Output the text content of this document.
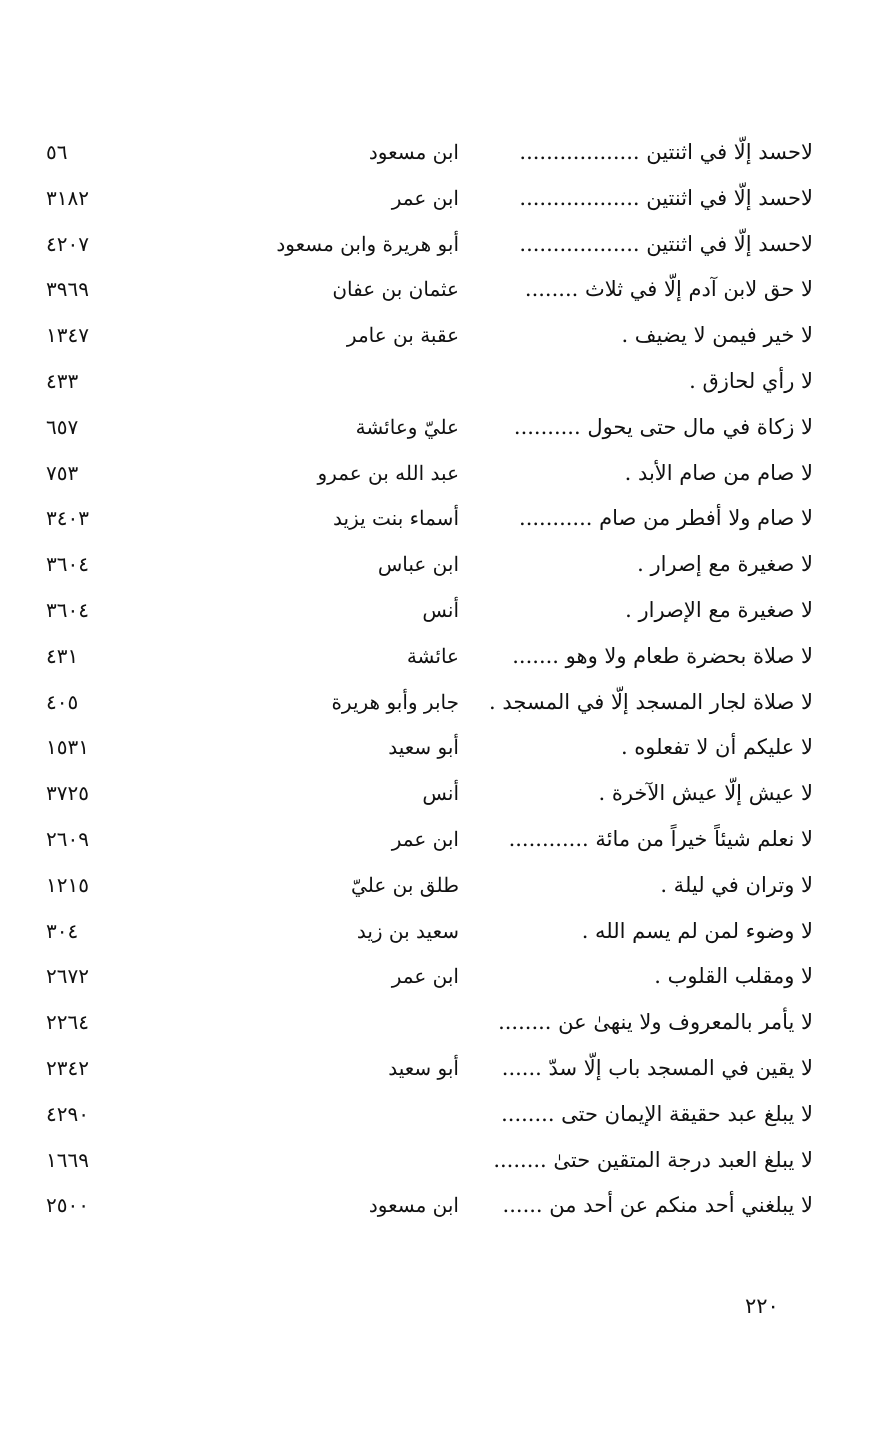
لاحسد إلَّا في اثنتين ..................
ابن مسعود
٥٦
لاحسد إلَّا في اثنتين ..................
ابن عمر
٣١٨٢
لاحسد إلَّا في اثنتين ..................
أبو هريرة وابن مسعود
٤٢٠٧
لا حق لابن آدم إلَّا في ثلاث ........
عثمان بن عفان
٣٩٦٩
لا خير فيمن لا يضيف .
عقبة بن عامر
١٣٤٧
لا رأي لحازق .
٤٣٣
لا زكاة في مال حتى يحول ..........
عليّ وعائشة
٦٥٧
لا صام من صام الأبد .
عبد الله بن عمرو
٧٥٣
لا صام ولا أفطر من صام ...........
أسماء بنت يزيد
٣٤٠٣
لا صغيرة مع إصرار .
ابن عباس
٣٦٠٤
لا صغيرة مع الإصرار .
أنس
٣٦٠٤
لا صلاة بحضرة طعام ولا وهو .......
عائشة
٤٣١
لا صلاة لجار المسجد إلَّا في المسجد .
جابر وأبو هريرة
٤٠٥
لا عليكم أن لا تفعلوه .
أبو سعيد
١٥٣١
لا عيش إلَّا عيش الآخرة .
أنس
٣٧٢٥
لا نعلم شيئاً خيراً من مائة ............
ابن عمر
٢٦٠٩
لا وتران في ليلة .
طلق بن عليّ
١٢١٥
لا وضوء لمن لم يسم الله .
سعيد بن زيد
٣٠٤
لا ومقلب القلوب .
ابن عمر
٢٦٧٢
لا يأمر بالمعروف ولا ينهىٰ عن ........
٢٢٦٤
لا يقين في المسجد باب إلَّا سدّ ......
أبو سعيد
٢٣٤٢
لا يبلغ عبد حقيقة الإيمان حتى ........
٤٢٩٠
لا يبلغ العبد درجة المتقين حتىٰ ........
١٦٦٩
لا يبلغني أحد منكم عن أحد من ......
ابن مسعود
٢٥٠٠
٢٢٠
